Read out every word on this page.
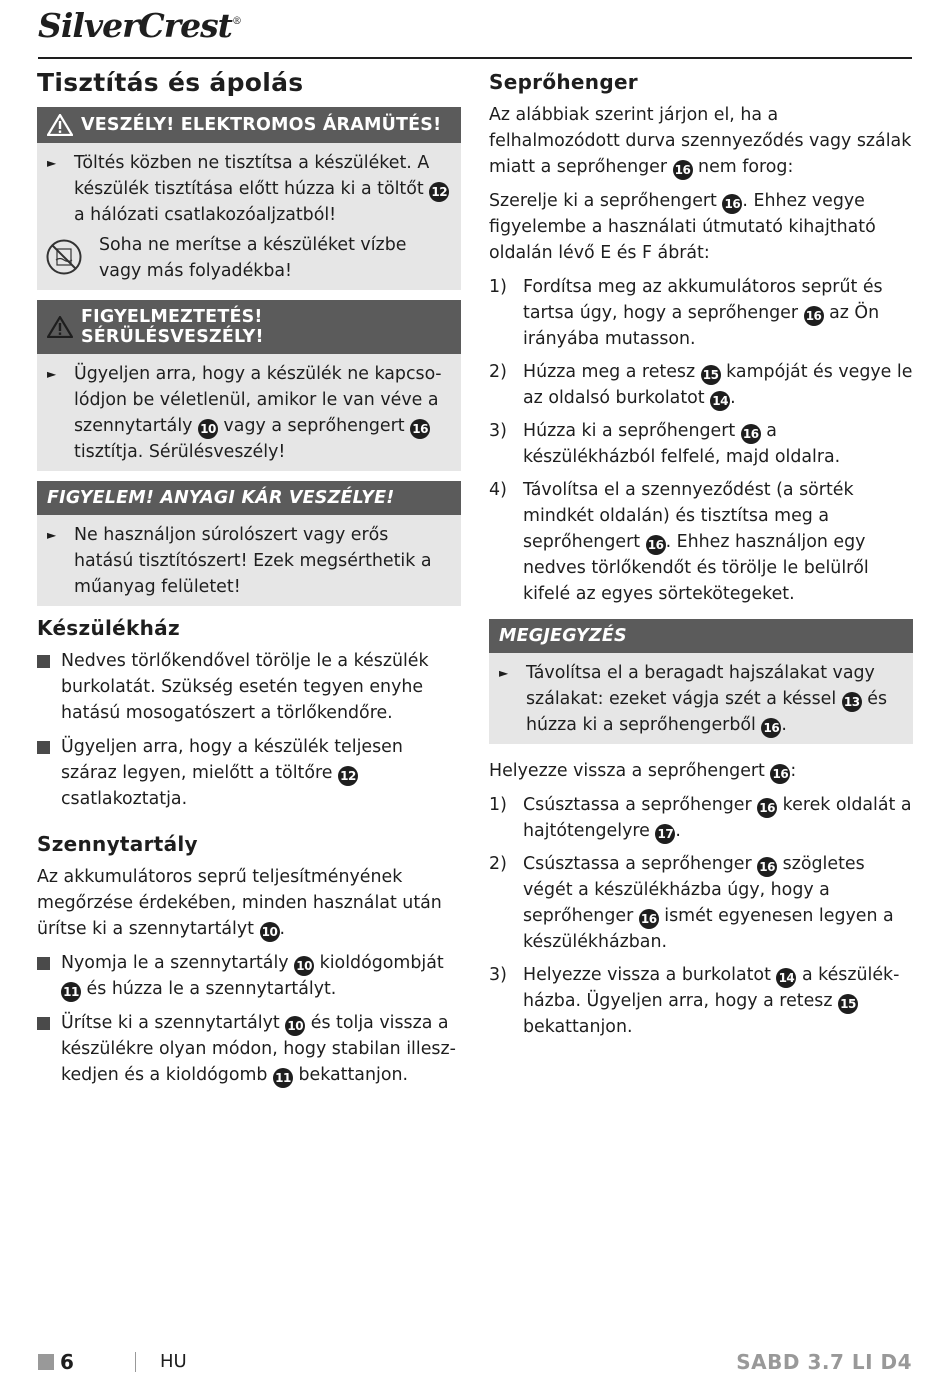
SilverCrest®
Tisztítás és ápolás
VESZÉLY! ELEKTROMOS ÁRAMÜTÉS!
► Töltés közben ne tisztítsa a készüléket. A készülék tisztítása előtt húzza ki a töltőt 12 a hálózati csatlakozóaljzatból!
Soha ne merítse a készüléket vízbe vagy más folyadékba!
FIGYELMEZTETÉS! SÉRÜLÉSVESZÉLY!
► Ügyeljen arra, hogy a készülék ne kapcsolódjon be véletlenül, amikor le van véve a szennytartály 10 vagy a seprőhengert 16 tisztítja. Sérülésveszély!
FIGYELEM! ANYAGI KÁR VESZÉLYE!
► Ne használjon súrolószert vagy erős hatású tisztítószert! Ezek megsérthetik a műanyag felületet!
Készülékház
Nedves törlőkendővel törölje le a készülék burkolatát. Szükség esetén tegyen enyhe hatású mosogatószert a törlőkendőre.
Ügyeljen arra, hogy a készülék teljesen száraz legyen, mielőtt a töltőre 12 csatlakoztatja.
Szennytartály

Az akkumulátoros seprű teljesítményének megőrzése érdekében, minden használat után ürítse ki a szennytartályt 10 .

Nyomja le a szennytartály 10 kioldógombját 11 és húzza le a szennytartályt.
Ürítse ki a szennytartályt 10 és tolja vissza a készülékre olyan módon, hogy stabilan illeszkedjen és a kioldógomb 11 bekattanjon.
Seprőhenger

Az alábbiak szerint járjon el, ha a felhalmozódott durva szennyeződés vagy szálak miatt a seprőhenger 16 nem forog:

Szerelje ki a seprőhengert 16 . Ehhez vegye figyelembe a használati útmutató kihajtható oldalán lévő E és F ábrát:

1) Fordítsa meg az akkumulátoros seprűt és tartsa úgy, hogy a seprőhenger 16 az Ön irányába mutasson.
2) Húzza meg a retesz 15 kampóját és vegye le az oldalsó burkolatot 14 .
3) Húzza ki a seprőhengert 16 a készülékházból felfelé, majd oldalra.
4) Távolítsa el a szennyeződést (a sörték mindkét oldalán) és tisztítsa meg a seprőhengert 16 . Ehhez használjon egy nedves törlőkendőt és törölje le belülről kifelé az egyes sörtekötegeket.
MEGJEGYZÉS
► Távolítsa el a beragadt hajszálakat vagy szálakat: ezeket vágja szét a késsel 13 és húzza ki a seprőhengerből 16 .

Helyezze vissza a seprőhengert 16 :

1) Csúsztassa a seprőhenger 16 kerek oldalát a hajtótengelyre 17 .
2) Csúsztassa a seprőhenger 16 szögletes végét a készülékházba úgy, hogy a seprőhenger 16 ismét egyenesen legyen a készülékházban.
3) Helyezze vissza a burkolatot 14 a készülékházba. Ügyeljen arra, hogy a retesz 15 bekattanjon.
6	HU	SABD 3.7 LI D4
